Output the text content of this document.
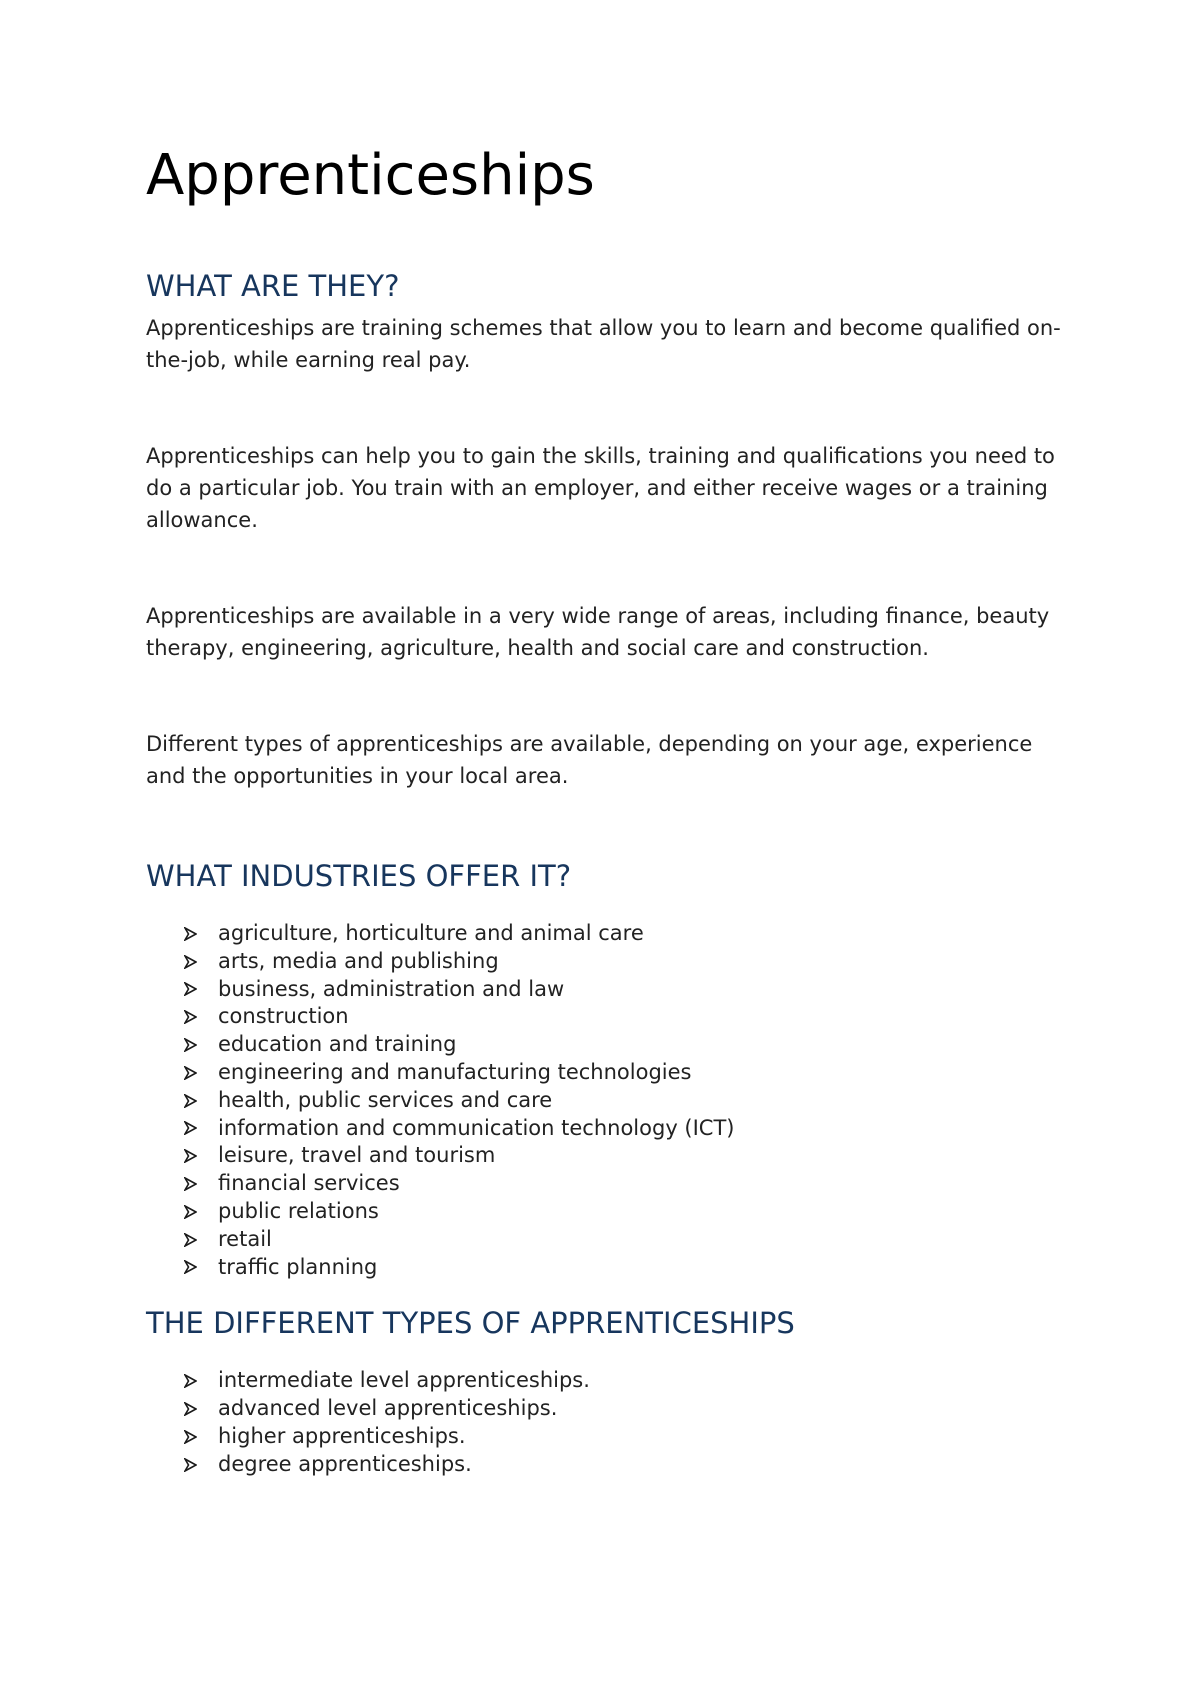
Apprenticeships
WHAT ARE THEY?

Apprenticeships are training schemes that allow you to learn and become qualified on-the-job, while earning real pay.

Apprenticeships can help you to gain the skills, training and qualifications you need to do a particular job. You train with an employer, and either receive wages or a training allowance.

Apprenticeships are available in a very wide range of areas, including finance, beauty therapy, engineering, agriculture, health and social care and construction.

Different types of apprenticeships are available, depending on your age, experience and the opportunities in your local area.

WHAT INDUSTRIES OFFER IT?
agriculture, horticulture and animal care
arts, media and publishing
business, administration and law
construction
education and training
engineering and manufacturing technologies
health, public services and care
information and communication technology (ICT)
leisure, travel and tourism
financial services
public relations
retail
traffic planning
THE DIFFERENT TYPES OF APPRENTICESHIPS
intermediate level apprenticeships.
advanced level apprenticeships.
higher apprenticeships.
degree apprenticeships.
